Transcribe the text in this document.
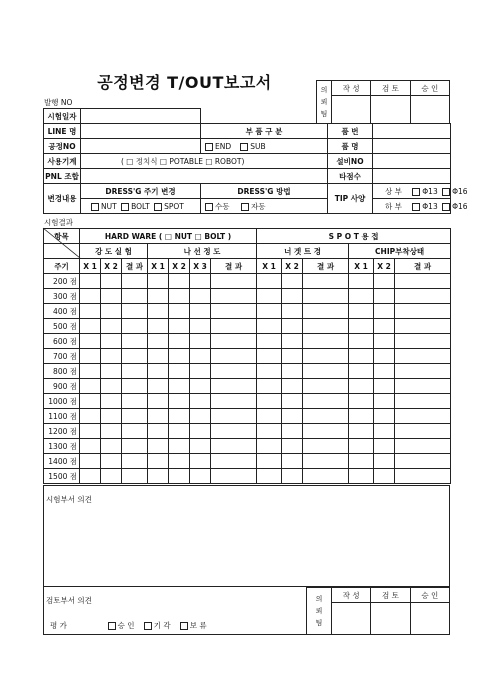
공정변경 T/OUT보고서	의
뢰
팀	작 성	검 토	승 인

발행 NO
시험일자				
LINE 명		부 품 구 분	품 번	
공정NO		END SUB	품 명	
사용기계	( □ 정치식 □ POTABLE □ ROBOT)		설비NO	
PNL 조합			타점수	
변경내용	DRESS'G 주기 변경	DRESS'G 방법	TIP 사양	상 부 Φ13 Φ16
	NUT BOLT SPOT	수동 자동		하 부 Φ13 Φ16
시험결과
항목	HARD WARE ( □ NUT □ BOLT )							S P O T 용 접					
	강 도 실 험			나 선 정 도				너 겟 트 경			CHIP부착상태		
주기	X 1	X 2	결 과	X 1	X 2	X 3	결 과	X 1	X 2	결 과	X 1	X 2	결 과
200 점													
300 점													
400 점													
500 점													
600 점													
700 점													
800 점													
900 점													
1000 점													
1100 점													
1200 점													
1300 점													
1400 점													
1500 점													
시험부서 의견
검토부서 의견
평 가	승 인	기 각	보 류
의
뢰
팀	작 성	검 토	승 인
